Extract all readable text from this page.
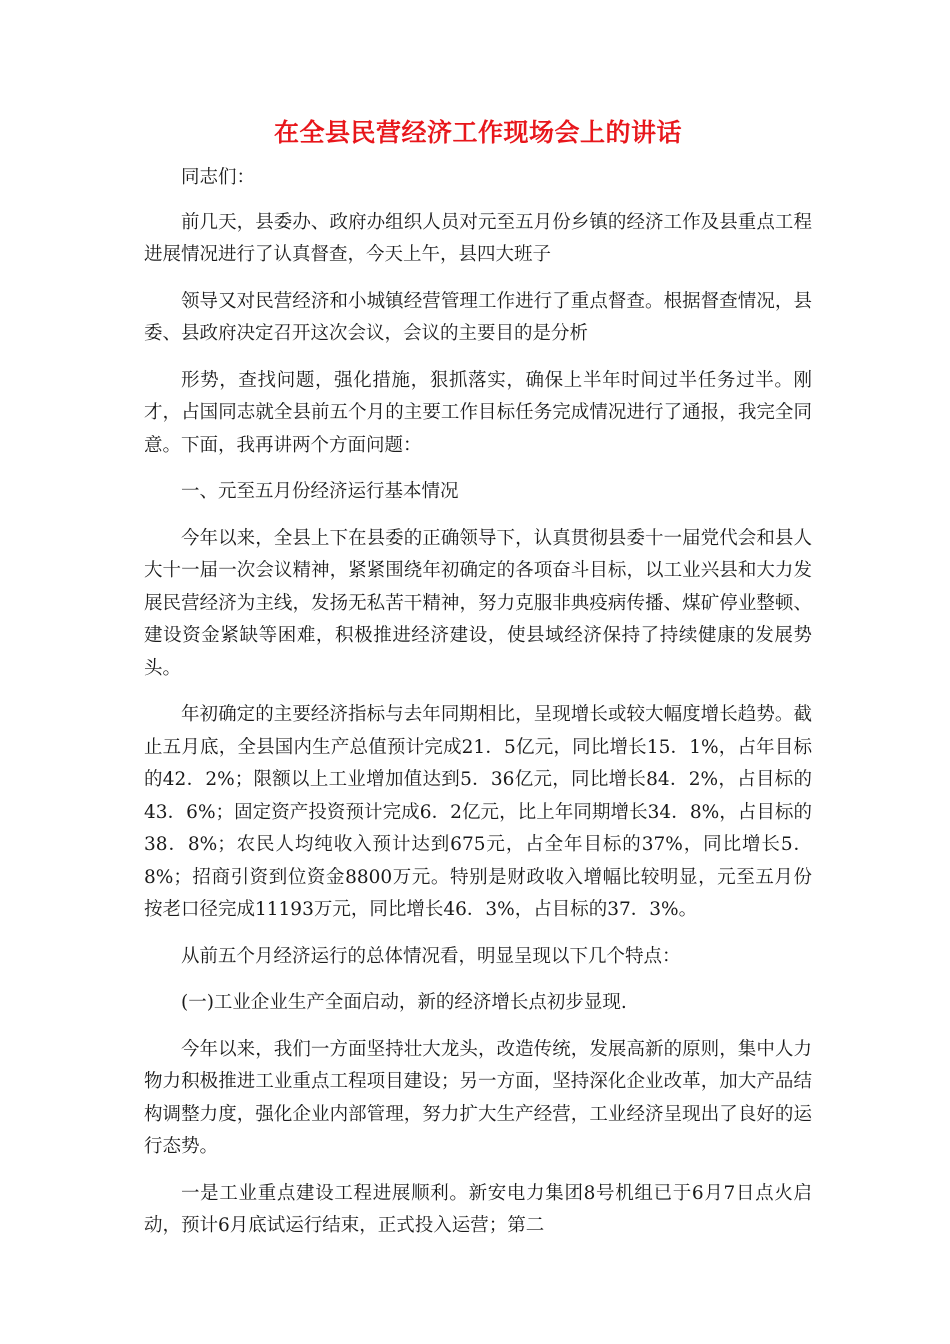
在全县民营经济工作现场会上的讲话

同志们：

前几天，县委办、政府办组织人员对元至五月份乡镇的经济工作及县重点工程进展情况进行了认真督查，今天上午，县四大班子

领导又对民营经济和小城镇经营管理工作进行了重点督查。根据督查情况，县委、县政府决定召开这次会议，会议的主要目的是分析

形势，查找问题，强化措施，狠抓落实，确保上半年时间过半任务过半。刚才，占国同志就全县前五个月的主要工作目标任务完成情况进行了通报，我完全同意。下面，我再讲两个方面问题：

一、元至五月份经济运行基本情况

今年以来，全县上下在县委的正确领导下，认真贯彻县委十一届党代会和县人大十一届一次会议精神，紧紧围绕年初确定的各项奋斗目标，以工业兴县和大力发展民营经济为主线，发扬无私苦干精神，努力克服非典疫病传播、煤矿停业整顿、建设资金紧缺等困难，积极推进经济建设，使县域经济保持了持续健康的发展势头。

年初确定的主要经济指标与去年同期相比，呈现增长或较大幅度增长趋势。截止五月底，全县国内生产总值预计完成21．5亿元，同比增长15．1%，占年目标的42．2%；限额以上工业增加值达到5．36亿元，同比增长84．2%，占目标的43．6%；固定资产投资预计完成6．2亿元，比上年同期增长34．8%，占目标的38．8%；农民人均纯收入预计达到675元，占全年目标的37%，同比增长5．8%；招商引资到位资金8800万元。特别是财政收入增幅比较明显，元至五月份按老口径完成11193万元，同比增长46．3%，占目标的37．3%。

从前五个月经济运行的总体情况看，明显呈现以下几个特点：

(一)工业企业生产全面启动，新的经济增长点初步显现.

今年以来，我们一方面坚持壮大龙头，改造传统，发展高新的原则，集中人力物力积极推进工业重点工程项目建设；另一方面，坚持深化企业改革，加大产品结构调整力度，强化企业内部管理，努力扩大生产经营，工业经济呈现出了良好的运行态势。

一是工业重点建设工程进展顺利。新安电力集团8号机组已于6月7日点火启动，预计6月底试运行结束，正式投入运营；第二
